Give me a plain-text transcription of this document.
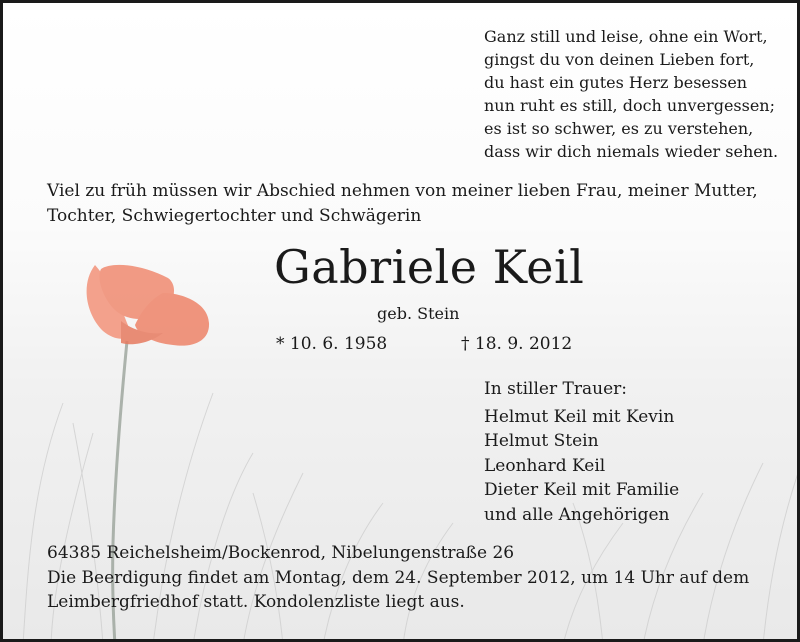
Ganz still und leise, ohne ein Wort,
gingst du von deinen Lieben fort,
du hast ein gutes Herz besessen
nun ruht es still, doch unvergessen;
es ist so schwer, es zu verstehen,
dass wir dich niemals wieder sehen.
Viel zu früh müssen wir Abschied nehmen von meiner lieben Frau, meiner Mutter,
Tochter, Schwiegertochter und Schwägerin
Gabriele Keil
geb. Stein
* 10. 6. 1958	† 18. 9. 2012
In stiller Trauer:
Helmut Keil mit Kevin
Helmut Stein
Leonhard Keil
Dieter Keil mit Familie
und alle Angehörigen
64385 Reichelsheim/Bockenrod, Nibelungenstraße 26
Die Beerdigung findet am Montag, dem 24. September 2012, um 14 Uhr auf dem
Leimbergfriedhof statt. Kondolenzliste liegt aus.
